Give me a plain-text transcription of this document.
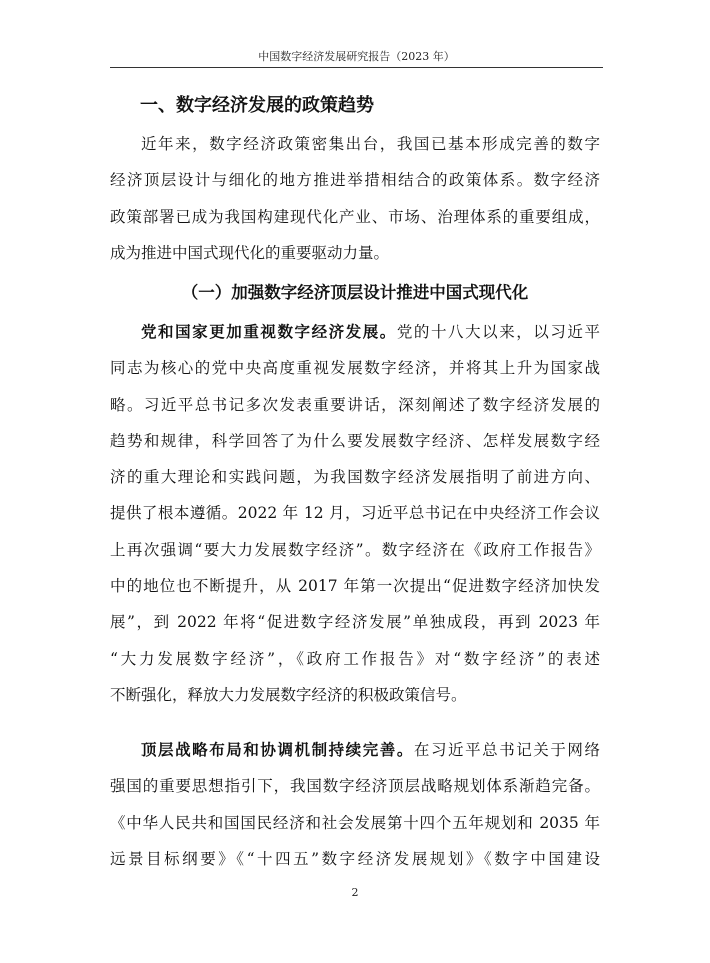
中国数字经济发展研究报告（2023 年）
一、数字经济发展的政策趋势
近年来，数字经济政策密集出台，我国已基本形成完善的数字
经济顶层设计与细化的地方推进举措相结合的政策体系。数字经济
政策部署已成为我国构建现代化产业、市场、治理体系的重要组成，
成为推进中国式现代化的重要驱动力量。
（一）加强数字经济顶层设计推进中国式现代化
党和国家更加重视数字经济发展。党的十八大以来，以习近平
同志为核心的党中央高度重视发展数字经济，并将其上升为国家战
略。习近平总书记多次发表重要讲话，深刻阐述了数字经济发展的
趋势和规律，科学回答了为什么要发展数字经济、怎样发展数字经
济的重大理论和实践问题，为我国数字经济发展指明了前进方向、
提供了根本遵循。2022 年 12 月，习近平总书记在中央经济工作会议
上再次强调“要大力发展数字经济”。数字经济在《政府工作报告》
中的地位也不断提升，从 2017 年第一次提出“促进数字经济加快发
展”，到 2022 年将“促进数字经济发展”单独成段，再到 2023 年
“大力发展数字经济”，《政府工作报告》对“数字经济”的表述
不断强化，释放大力发展数字经济的积极政策信号。
顶层战略布局和协调机制持续完善。在习近平总书记关于网络
强国的重要思想指引下，我国数字经济顶层战略规划体系渐趋完备。
《中华人民共和国国民经济和社会发展第十四个五年规划和 2035 年
远景目标纲要》《“十四五”数字经济发展规划》《数字中国建设
2
